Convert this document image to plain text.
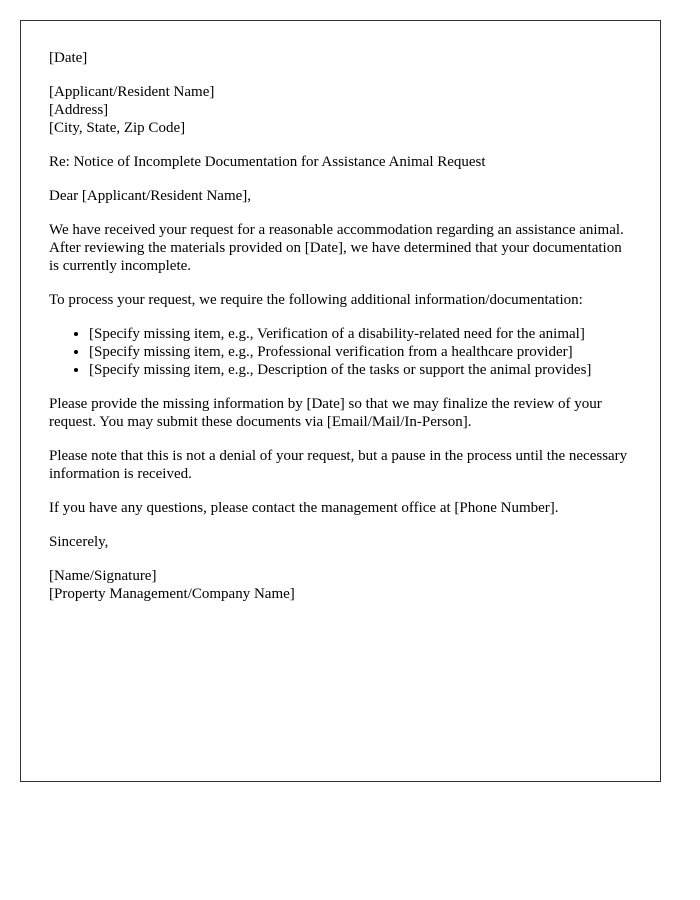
[Date]

[Applicant/Resident Name]
[Address]
[City, State, Zip Code]

Re: Notice of Incomplete Documentation for Assistance Animal Request

Dear [Applicant/Resident Name],

We have received your request for a reasonable accommodation regarding an assistance animal. After reviewing the materials provided on [Date], we have determined that your documentation is currently incomplete.

To process your request, we require the following additional information/documentation:

• [Specify missing item, e.g., Verification of a disability-related need for the animal]
• [Specify missing item, e.g., Professional verification from a healthcare provider]
• [Specify missing item, e.g., Description of the tasks or support the animal provides]

Please provide the missing information by [Date] so that we may finalize the review of your request. You may submit these documents via [Email/Mail/In-Person].

Please note that this is not a denial of your request, but a pause in the process until the necessary information is received.

If you have any questions, please contact the management office at [Phone Number].

Sincerely,

[Name/Signature]
[Property Management/Company Name]
